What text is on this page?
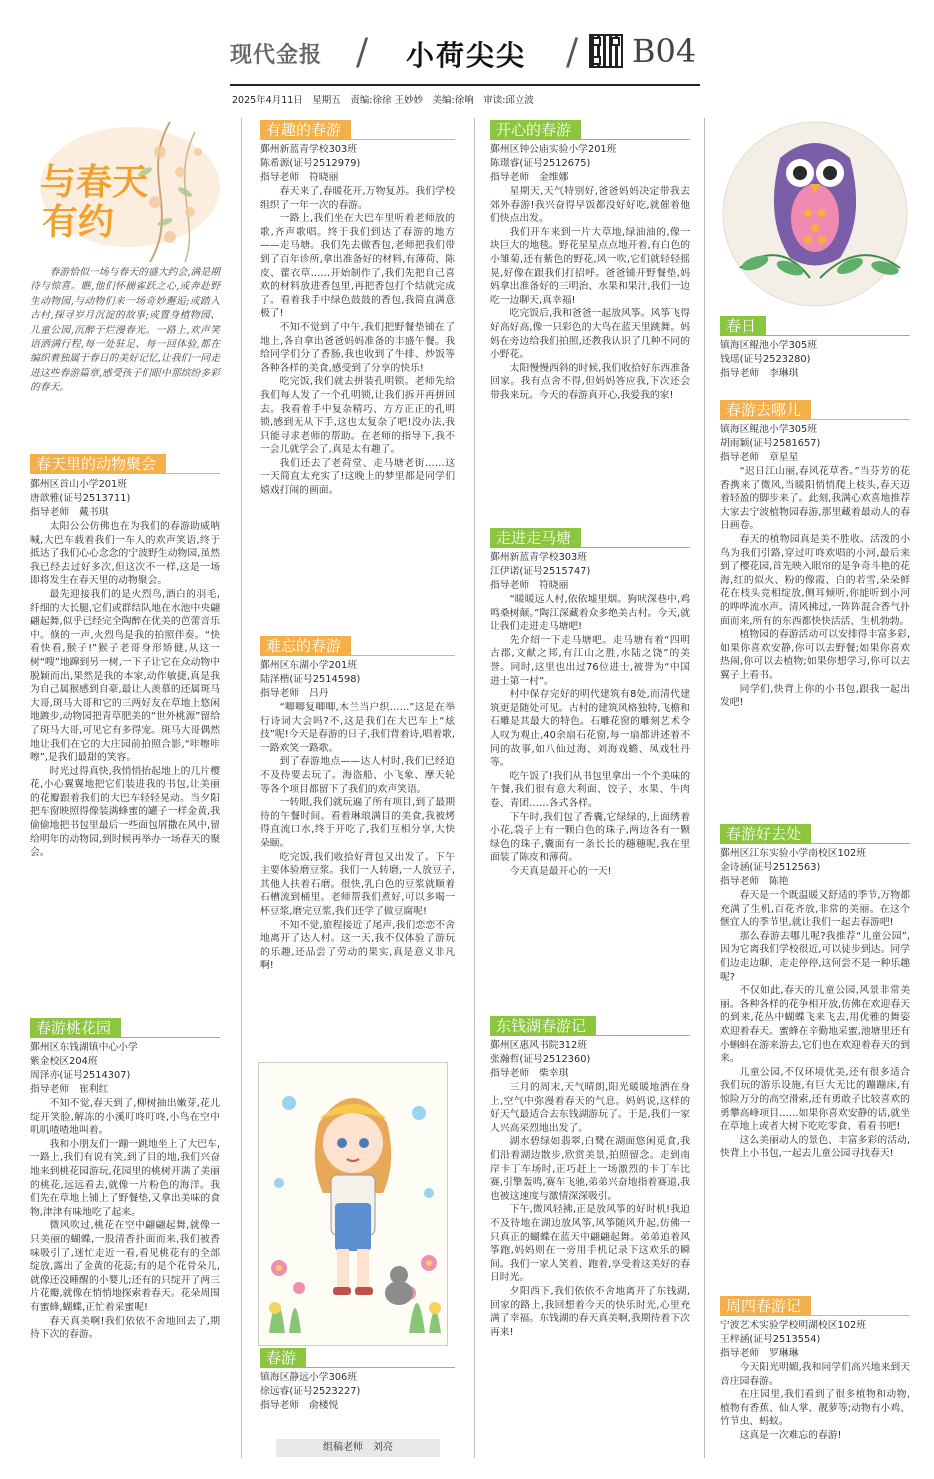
现代金报 / 小荷尖尖 / B04
2025年4月11日　星期五　责编:徐徐 王妙妙　美编:徐响　审读:邱立波
与春天
有约
春游恰似一场与春天的盛大约会,满是期待与惊喜。瞧,他们怀揣雀跃之心,或奔赴野生动物园,与动物们来一场奇妙邂逅;或踏入古村,探寻岁月沉淀的故事;或置身植物园、儿童公园,沉醉于烂漫春光。一路上,欢声笑语洒满行程,每一处驻足、每一回体验,都在编织着独属于春日的美好记忆,让我们一同走进这些春游篇章,感受孩子们眼中那缤纷多彩的春天。
春天里的动物聚会
鄞州区首山小学201班
唐歆雅(证号2513711)
指导老师　戴书琪

太阳公公仿佛也在为我们的春游助威呐喊,大巴车载着我们一车人的欢声笑语,终于抵达了我们心心念念的宁波野生动物园,虽然我已经去过好多次,但这次不一样,这是一场即将发生在春天里的动物聚会。

最先迎接我们的是火烈鸟,酒白的羽毛,纤细的大长腿,它们或群结队地在水池中央翩翩起舞,似乎已经完全陶醉在优美的芭蕾音乐中。倏的一声,火烈鸟是我的拍照伴奏。“快看快看,猴子!”猴子老哥身形矫健,从这一树“嗖”地蹿到另一树,一下子让它在众动物中脱颖而出,果然是我的本家,动作敏捷,真是我为自己属猴感到自豪,最让人羡慕的还属斑马大哥,斑马大哥和它的三两好友在草地上悠闲地踱步,动物园把青草肥美的“世外桃源”留给了斑马大哥,可见它有多得宠。斑马大哥偶然地让我们在它的大庄园前拍照合影,“咔嚓咔嚓”,是我们最甜的笑容。

时光过得真快,我悄悄抬起地上的几片樱花,小心翼翼地把它们装进我的书包,让美丽的花瓣跟着我们的大巴车轻轻晃动。当夕阳把车窗映照得像装满蜂蜜的罐子一样金黄,我偷偷地把书包里最后一些面包屑撒在风中,留给明年的动物园,到时候再举办一场春天的聚会。

春游桃花园
鄞州区东钱湖镇中心小学
紫金校区204班
周泽亦(证号2514307)
指导老师　崔利红

不知不觉,春天到了,柳树抽出嫩芽,花儿绽开笑脸,解冻的小溪叮咚叮咚,小鸟在空中叽叽喳喳地叫着。

我和小朋友们一蹦一跳地坐上了大巴车,一路上,我们有说有笑,到了目的地,我们兴奋地来到桃花园游玩,花园里的桃树开满了美丽的桃花,远远看去,就像一片粉色的海洋。我们先在草地上铺上了野餐垫,又拿出美味的食物,津津有味地吃了起来。

微风吹过,桃花在空中翩翩起舞,就像一只美丽的蝴蝶,一股清香扑面而来,我们被香味吸引了,迷忙走近一看,看见桃花有的全部绽放,露出了金黄的花蕊;有的是个花骨朵儿,就像还没睡醒的小婴儿;还有的只绽开了两三片花瓣,就像在悄悄地探索着春天。花朵周围有蜜蜂,蝴蝶,正忙着采蜜呢!

春天真美啊!我们依依不舍地回去了,期待下次的春游。

有趣的春游
鄞州新蓝青学校303班
陈希源(证号2512979)
指导老师　符晓丽

春天来了,春暖花开,万物复苏。我们学校组织了一年一次的春游。

一路上,我们坐在大巴车里听着老师放的歌,齐声歌唱。终于我们到达了春游的地方——走马塘。我们先去做香包,老师把我们带到了百年诊所,拿出准备好的材料,有薄荷、陈皮、藿衣草……开始制作了,我们先把自己喜欢的材料放进香包里,再把香包打个结就完成了。看着我手中绿色鼓鼓的香包,我简直满意极了!

不知不觉到了中午,我们把野餐垫铺在了地上,各自拿出爸爸妈妈准备的丰盛午餐。我给同学们分了香肠,我也收到了牛排、炒饭等各种各样的美食,感受到了分享的快乐!

吃完饭,我们就去拼装孔明锁。老师先给我们每人发了一个孔明锁,让我们拆开再拼回去。我看着手中复杂精巧、方方正正的孔明锁,感到无从下手,这也太复杂了吧!没办法,我只能寻求老师的帮助。在老师的指导下,我不一会儿就学会了,真是太有趣了。

我们还去了老荷堂、走马塘老街……这一天简直太充实了!这晚上的梦里都是同学们嬉戏打闹的画面。

难忘的春游
鄞州区东湖小学201班
陆泽楷(证号2514598)
指导老师　吕丹

“唧唧复唧唧,木兰当户织……”这是在举行诗词大会吗?不,这是我们在大巴车上“炫技”呢!今天是春游的日子,我们背着诗,唱着歌,一路欢笑一路歌。

到了春游地点——达人村时,我们已经迫不及待要去玩了。海盗船、小飞象、摩天轮等各个项目都留下了我们的欢声笑语。

一转眼,我们就玩遍了所有项目,到了最期待的午餐时间。看着琳琅满目的美食,我被烤得直流口水,终于开吃了,我们互相分享,大快朵颐。

吃完饭,我们收拾好背包又出发了。下午主要体验磨豆浆。我们一人转磨,一人放豆子,其他人扶着石磨。很快,乳白色的豆浆就顺着石槽流到桶里。老师帮我们煮好,可以多喝一杯豆浆,磨完豆浆,我们还学了做豆腐呢!

不知不觉,旅程接近了尾声,我们恋恋不舍地离开了达人村。这一天,我不仅体验了游玩的乐趣,还品尝了劳动的果实,真是意义非凡啊!

春游
镇海区静远小学306班
徐远睿(证号2523227)
指导老师　俞楼悦
开心的春游
鄞州区钟公庙实验小学201班
陈璟睿(证号2512675)
指导老师　金维娜

星期天,天气特别好,爸爸妈妈决定带我去郊外春游!我兴奋得早饭都没好好吃,就催着他们快点出发。

我们开车来到一片大草地,绿油油的,像一块巨大的地毯。野花星星点点地开着,有白色的小雏菊,还有紫色的野花,风一吹,它们就轻轻摇晃,好像在跟我们打招呼。爸爸铺开野餐垫,妈妈拿出准备好的三明治、水果和果汁,我们一边吃一边聊天,真幸福!

吃完饭后,我和爸爸一起放风筝。风筝飞得好高好高,像一只彩色的大鸟在蓝天里跳舞。妈妈在旁边给我们拍照,还教我认识了几种不同的小野花。

太阳慢慢西斜的时候,我们收拾好东西准备回家。我有点舍不得,但妈妈答应我,下次还会带我来玩。今天的春游真开心,我爱我的家!

走进走马塘
鄞州新蓝青学校303班
江伊诺(证号2515747)
指导老师　符晓丽

“暖暖远人村,依依墟里烟。狗吠深巷中,鸡鸣桑树颠。”陶江深藏着众多绝美古村。今天,就让我们走进走马塘吧!

先介绍一下走马塘吧。走马塘有着“四明古郡,文献之邦,有江山之胜,水陆之饶”的美誉。同时,这里也出过76位进士,被誉为“中国进士第一村”。

村中保存完好的明代建筑有8处,而清代建筑更是随处可见。古村的建筑风格独特,飞檐和石雕是其最大的特色。石雕花窗的雕刻艺术令人叹为观止,40余扇石花窗,每一扇都讲述着不同的故事,如八仙过海、刘海戏蟾、凤戏牡丹等。

吃午饭了!我们从书包里拿出一个个美味的午餐,我们很有意大利面、饺子、水果、牛肉卷、青团……各式各样。

下午时,我们包了香囊,它绿绿的,上面绣着小花,袋子上有一颗白色的珠子,两边各有一颗绿色的珠子,囊面有一条长长的穗穗呢,我在里面装了陈皮和薄荷。

今天真是最开心的一天!

东钱湖春游记
鄞州区惠风书院312班
张瀚哲(证号2512360)
指导老师　柴幸琪

三月的周末,天气晴朗,阳光暖暖地洒在身上,空气中弥漫着春天的气息。妈妈说,这样的好天气最适合去东钱湖游玩了。于是,我们一家人兴高采烈地出发了。

湖水碧绿如翡翠,白鹭在湖面悠闲觅食,我们沿着湖边散步,欣赏美景,拍照留念。走到南岸卡丁车场时,正巧赶上一场激烈的卡丁车比赛,引擎轰鸣,赛车飞驰,弟弟兴奋地指着赛道,我也被这速度与激情深深吸引。

下午,微风轻拂,正是放风筝的好时机!我迫不及待地在湖边放风筝,风筝随风升起,仿佛一只真正的蝴蝶在蓝天中翩翩起舞。弟弟追着风筝跑,妈妈则在一旁用手机记录下这欢乐的瞬间。我们一家人笑着、跑着,享受着这美好的春日时光。

夕阳西下,我们依依不舍地离开了东钱湖,回家的路上,我回想着今天的快乐时光,心里充满了幸福。东钱湖的春天真美啊,我期待着下次再来!

春日
镇海区鲲池小学305班
钱瑶(证号2523280)
指导老师　李琳琪
春游去哪儿
镇海区鲲池小学305班
胡雨颖(证号2581657)
指导老师　章星星

“迟日江山丽,春风花草香。”当芬芳的花香携来了微风,当暖阳悄悄爬上枝头,春天迈着轻盈的脚步来了。此刻,我满心欢喜地推荐大家去宁波植物园春游,那里藏着最动人的春日画卷。

春天的植物园真是美不胜收。活泼的小鸟为我们引路,穿过叮咚欢唱的小河,最后来到了樱花园,首先映入眼帘的是争奇斗艳的花海,红的似火、粉的像霞、白的若雪,朵朵鲜花在枝头竞相绽放,侧耳倾听,你能听到小河的哗哗流水声。清风拂过,一阵阵混合香气扑面而来,所有的东西都快快活活、生机勃勃。

植物园的春游活动可以安排得丰富多彩,如果你喜欢安静,你可以去野餐;如果你喜欢热闹,你可以去植物;如果你想学习,你可以去翼子上看书。

同学们,快背上你的小书包,跟我一起出发吧!

春游好去处
鄞州区江东实验小学南校区102班
金诗涵(证号2512563)
指导老师　陈艳

春天是一个既温暖又舒适的季节,万物都充满了生机,百花齐放,非常的美丽。在这个惬宜人的季节里,就让我们一起去春游吧!

那么春游去哪儿呢?我推荐“儿童公园”,因为它离我们学校很近,可以徒步到达。同学们边走边聊、走走停停,这何尝不是一种乐趣呢?

不仅如此,春天的儿童公园,风景非常美丽。各种各样的花争相开放,仿佛在欢迎春天的到来,花丛中蝴蝶飞来飞去,用优雅的舞姿欢迎着春天。蜜蜂在辛勤地采蜜,池塘里还有小蝌蚪在游来游去,它们也在欢迎着春天的到来。

儿童公园,不仅环境优美,还有很多适合我们玩的游乐设施,有巨大无比的蹦蹦床,有惊险万分的高空滑索,还有勇敢子比较喜欢的勇攀高峰项目……如果你喜欢安静的话,就坐在草地上或者大树下吃吃零食、看看书吧!

这么美丽动人的景色、丰富多彩的活动,快背上小书包,一起去儿童公园寻找春天!

周四春游记
宁波艺术实验学校明湖校区102班
王梓涵(证号2513554)
指导老师　罗琳琳

今天阳光明媚,我和同学们高兴地来到天音庄园春游。

在庄园里,我们看到了很多植物和动物,植物有香蕉、仙人掌、靓萝等;动物有小鸡、竹节虫、蚂蚁。

这真是一次难忘的春游!

组稿老师　刘亮
